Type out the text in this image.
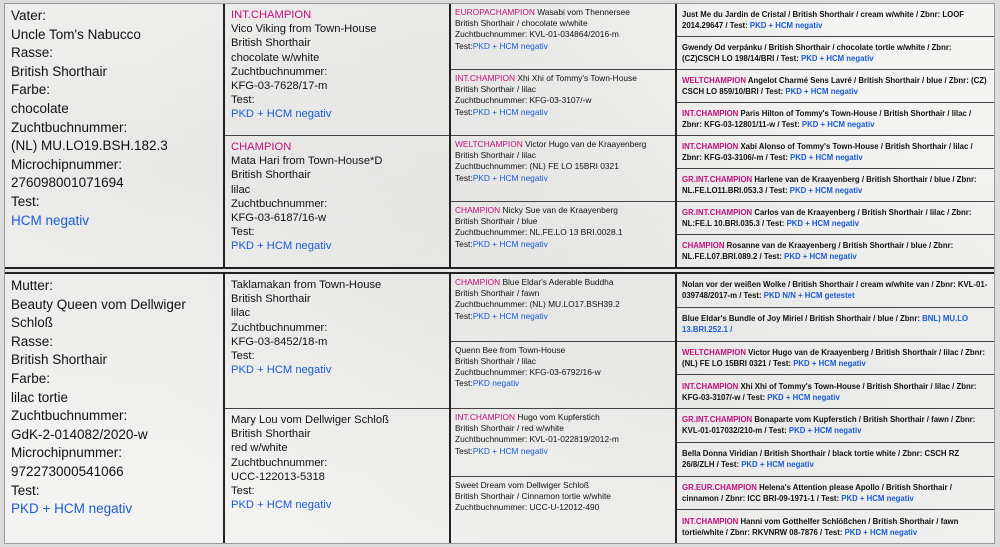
Vater:
Uncle Tom's Nabucco
Rasse:
British Shorthair
Farbe:
chocolate
Zuchtbuchnummer:
(NL) MU.LO19.BSH.182.3
Microchipnummer:
276098001071694
Test:
HCM negativ
INT.CHAMPION
Vico Viking from Town-House
British Shorthair
chocolate w/white
Zuchtbuchnummer:
KFG-03-7628/17-m
Test:
PKD + HCM negativ
CHAMPION
Mata Hari from Town-House*D
British Shorthair
lilac
Zuchtbuchnummer:
KFG-03-6187/16-w
Test:
PKD + HCM negativ
EUROPACHAMPION Wasabi vom Thennersee
British Shorthair / chocolate w/white
Zuchtbuchnummer: KVL-01-034864/2016-m
Test:PKD + HCM negativ
INT.CHAMPION Xhi Xhi of Tommy's Town-House
British Shorthair / lilac
Zuchtbuchnummer: KFG-03-3107/-w
Test:PKD + HCM negativ
WELTCHAMPION Victor Hugo van de Kraayenberg
British Shorthair / lilac
Zuchtbuchnummer: (NL) FE LO 15BRI 0321
Test:PKD + HCM negativ
CHAMPION Nicky Sue van de Kraayenberg
British Shorthair / blue
Zuchtbuchnummer: NL.FE.LO 13 BRI.0028.1
Test:PKD + HCM negativ
Just Me du Jardin de Cristal / British Shorthair / cream w/white / Zbnr: LOOF 2014.29647 / Test: PKD + HCM negativ
Gwendy Od verpánku / British Shorthair / chocolate tortie w/white / Zbnr:(CZ)CSCH LO 198/14/BRI / Test: PKD + HCM negativ
WELTCHAMPION Angelot Charmé Sens Lavré / British Shorthair / blue / Zbnr: (CZ) CSCH LO 859/10/BRI / Test: PKD + HCM negativ
INT.CHAMPION Paris Hilton of Tommy's Town-House / British Shorthair / lilac / Zbnr: KFG-03-12801/11-w / Test: PKD + HCM negativ
INT.CHAMPION Xabi Alonso of Tommy's Town-House / British Shorthair / lilac / Zbnr: KFG-03-3106/-m / Test: PKD + HCM negativ
GR.INT.CHAMPION Harlene van de Kraayenberg / British Shorthair / blue / Zbnr: NL.FE.LO11.BRI.053.3 / Test: PKD + HCM negativ
GR.INT.CHAMPION Carlos van de Kraayenberg / British Shorthair / lilac / Zbnr: NL:FE.L 10.BRI.035.3 / Test: PKD + HCM negativ
CHAMPION Rosanne van de Kraayenberg / British Shorthair / blue / Zbnr: NL.FE.L07.BRI.089.2 / Test: PKD + HCM negativ
Mutter:
Beauty Queen vom Dellwiger
Schloß
Rasse:
British Shorthair
Farbe:
lilac tortie
Zuchtbuchnummer:
GdK-2-014082/2020-w
Microchipnummer:
972273000541066
Test:
PKD + HCM negativ
Taklamakan from Town-House
British Shorthair
lilac
Zuchtbuchnummer:
KFG-03-8452/18-m
Test:
PKD + HCM negativ
Mary Lou vom Dellwiger Schloß
British Shorthair
red w/white
Zuchtbuchnummer:
UCC-122013-5318
Test:
PKD + HCM negativ
CHAMPION Blue Eldar's Aderable Buddha
British Shorthair / fawn
Zuchtbuchnummer: (NL) MU.LO17.BSH39.2
Test:PKD + HCM negativ
Quenn Bee from Town-House
British Shorthair / lilac
Zuchtbuchnummer: KFG-03-6792/16-w
Test:PKD negativ
INT.CHAMPION Hugo vom Kupferstich
British Shorthair / red w/white
Zuchtbuchnummer: KVL-01-022819/2012-m
Test:PKD + HCM negativ
Sweet Dream vom Dellwiger Schloß
British Shorthair / Cinnamon tortie w/white
Zuchtbuchnummer: UCC-U-12012-490
Nolan vor der weißen Wolke / British Shorthair / cream w/white van / Zbnr: KVL-01-039748/2017-m / Test: PKD N/N + HCM getestet
Blue Eldar's Bundle of Joy Miriel / British Shorthair / blue / Zbnr: BNL) MU.LO 13.BRI.252.1 /
WELTCHAMPION Victor Hugo van de Kraayenberg / British Shorthair / lilac / Zbnr: (NL) FE LO 15BRI 0321 / Test: PKD + HCM negativ
INT.CHAMPION Xhi Xhi of Tommy's Town-House / British Shorthair / lilac / Zbnr: KFG-03-3107/-w / Test: PKD + HCM negativ
GR.INT.CHAMPION Bonaparte vom Kupferstich / British Shorthair / fawn / Zbnr: KVL-01-017032/210-m / Test: PKD + HCM negativ
Bella Donna Viridian / British Shorthair / black tortie white / Zbnr: CSCH RZ 26/8/ZLH / Test: PKD + HCM negativ
GR.EUR.CHAMPION Helena's Attention please Apollo / British Shorthair / cinnamon / Zbnr: ICC BRI-09-1971-1 / Test: PKD + HCM negativ
INT.CHAMPION Hanni vom Gotthelfer Schlößchen / British Shorthair / fawn tortie/white / Zbnr: RKVNRW 08-7876 / Test: PKD + HCM negativ
